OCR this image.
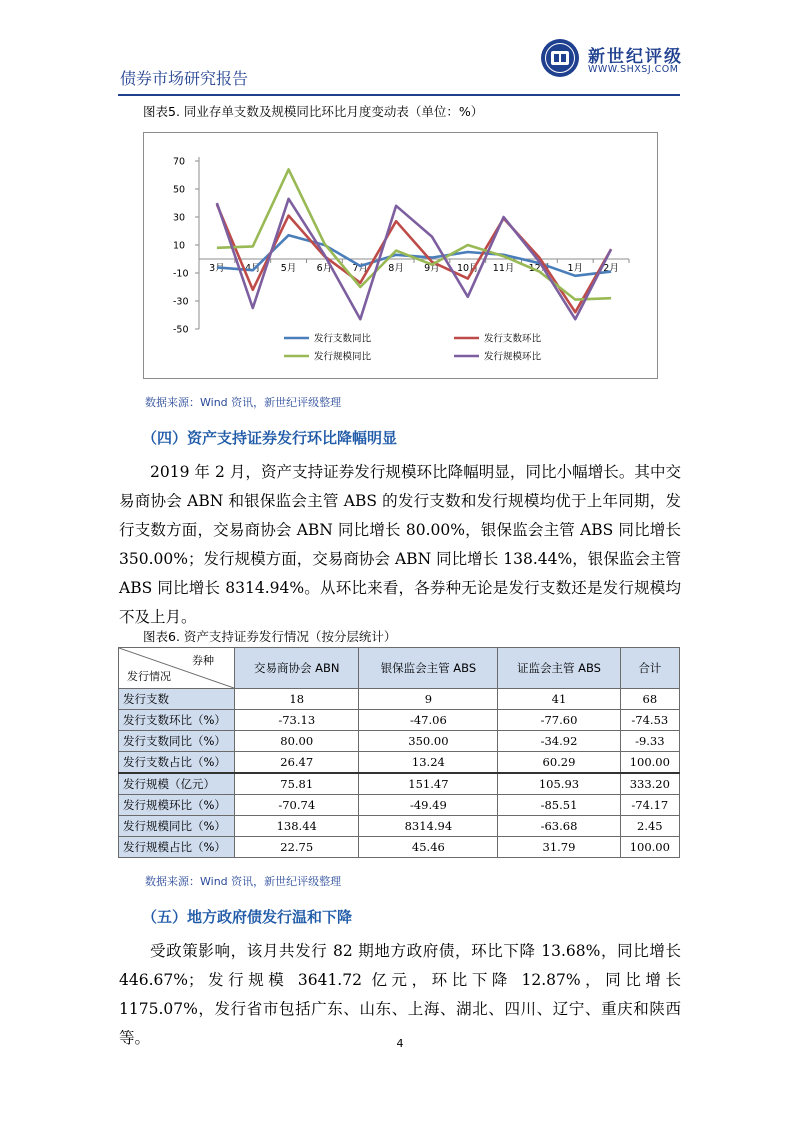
债券市场研究报告
新世纪评级
WWW.SHXSJ.COM
图表5. 同业存单支数及规模同比环比月度变动表（单位：%）
70
50
30
10
-10
-30
-50
3月 4月 5月 6月 7月 8月 9月 10月 11月 12月 1月 2月
发行支数同比	发行支数环比
发行规模同比	发行规模环比
数据来源：Wind 资讯，新世纪评级整理
（四）资产支持证券发行环比降幅明显

2019 年 2 月，资产支持证券发行规模环比降幅明显，同比小幅增长。其中交易商协会 ABN 和银保监会主管 ABS 的发行支数和发行规模均优于上年同期，发行支数方面，交易商协会 ABN 同比增长 80.00%，银保监会主管 ABS 同比增长 350.00%；发行规模方面，交易商协会 ABN 同比增长 138.44%，银保监会主管 ABS 同比增长 8314.94%。从环比来看，各券种无论是发行支数还是发行规模均不及上月。

图表6. 资产支持证券发行情况（按分层统计）
券种
发行情况	交易商协会 ABN	银保监会主管 ABS	证监会主管 ABS	合计
发行支数	18	9	41	68
发行支数环比（%）	-73.13	-47.06	-77.60	-74.53
发行支数同比（%）	80.00	350.00	-34.92	-9.33
发行支数占比（%）	26.47	13.24	60.29	100.00
发行规模（亿元）	75.81	151.47	105.93	333.20
发行规模环比（%）	-70.74	-49.49	-85.51	-74.17
发行规模同比（%）	138.44	8314.94	-63.68	2.45
发行规模占比（%）	22.75	45.46	31.79	100.00
数据来源：Wind 资讯，新世纪评级整理
（五）地方政府债发行温和下降

受政策影响，该月共发行 82 期地方政府债，环比下降 13.68%，同比增长 446.67%；发行规模 3641.72 亿元，环比下降 12.87%，同比增长 1175.07%，发行省市包括广东、山东、上海、湖北、四川、辽宁、重庆和陕西等。	4
